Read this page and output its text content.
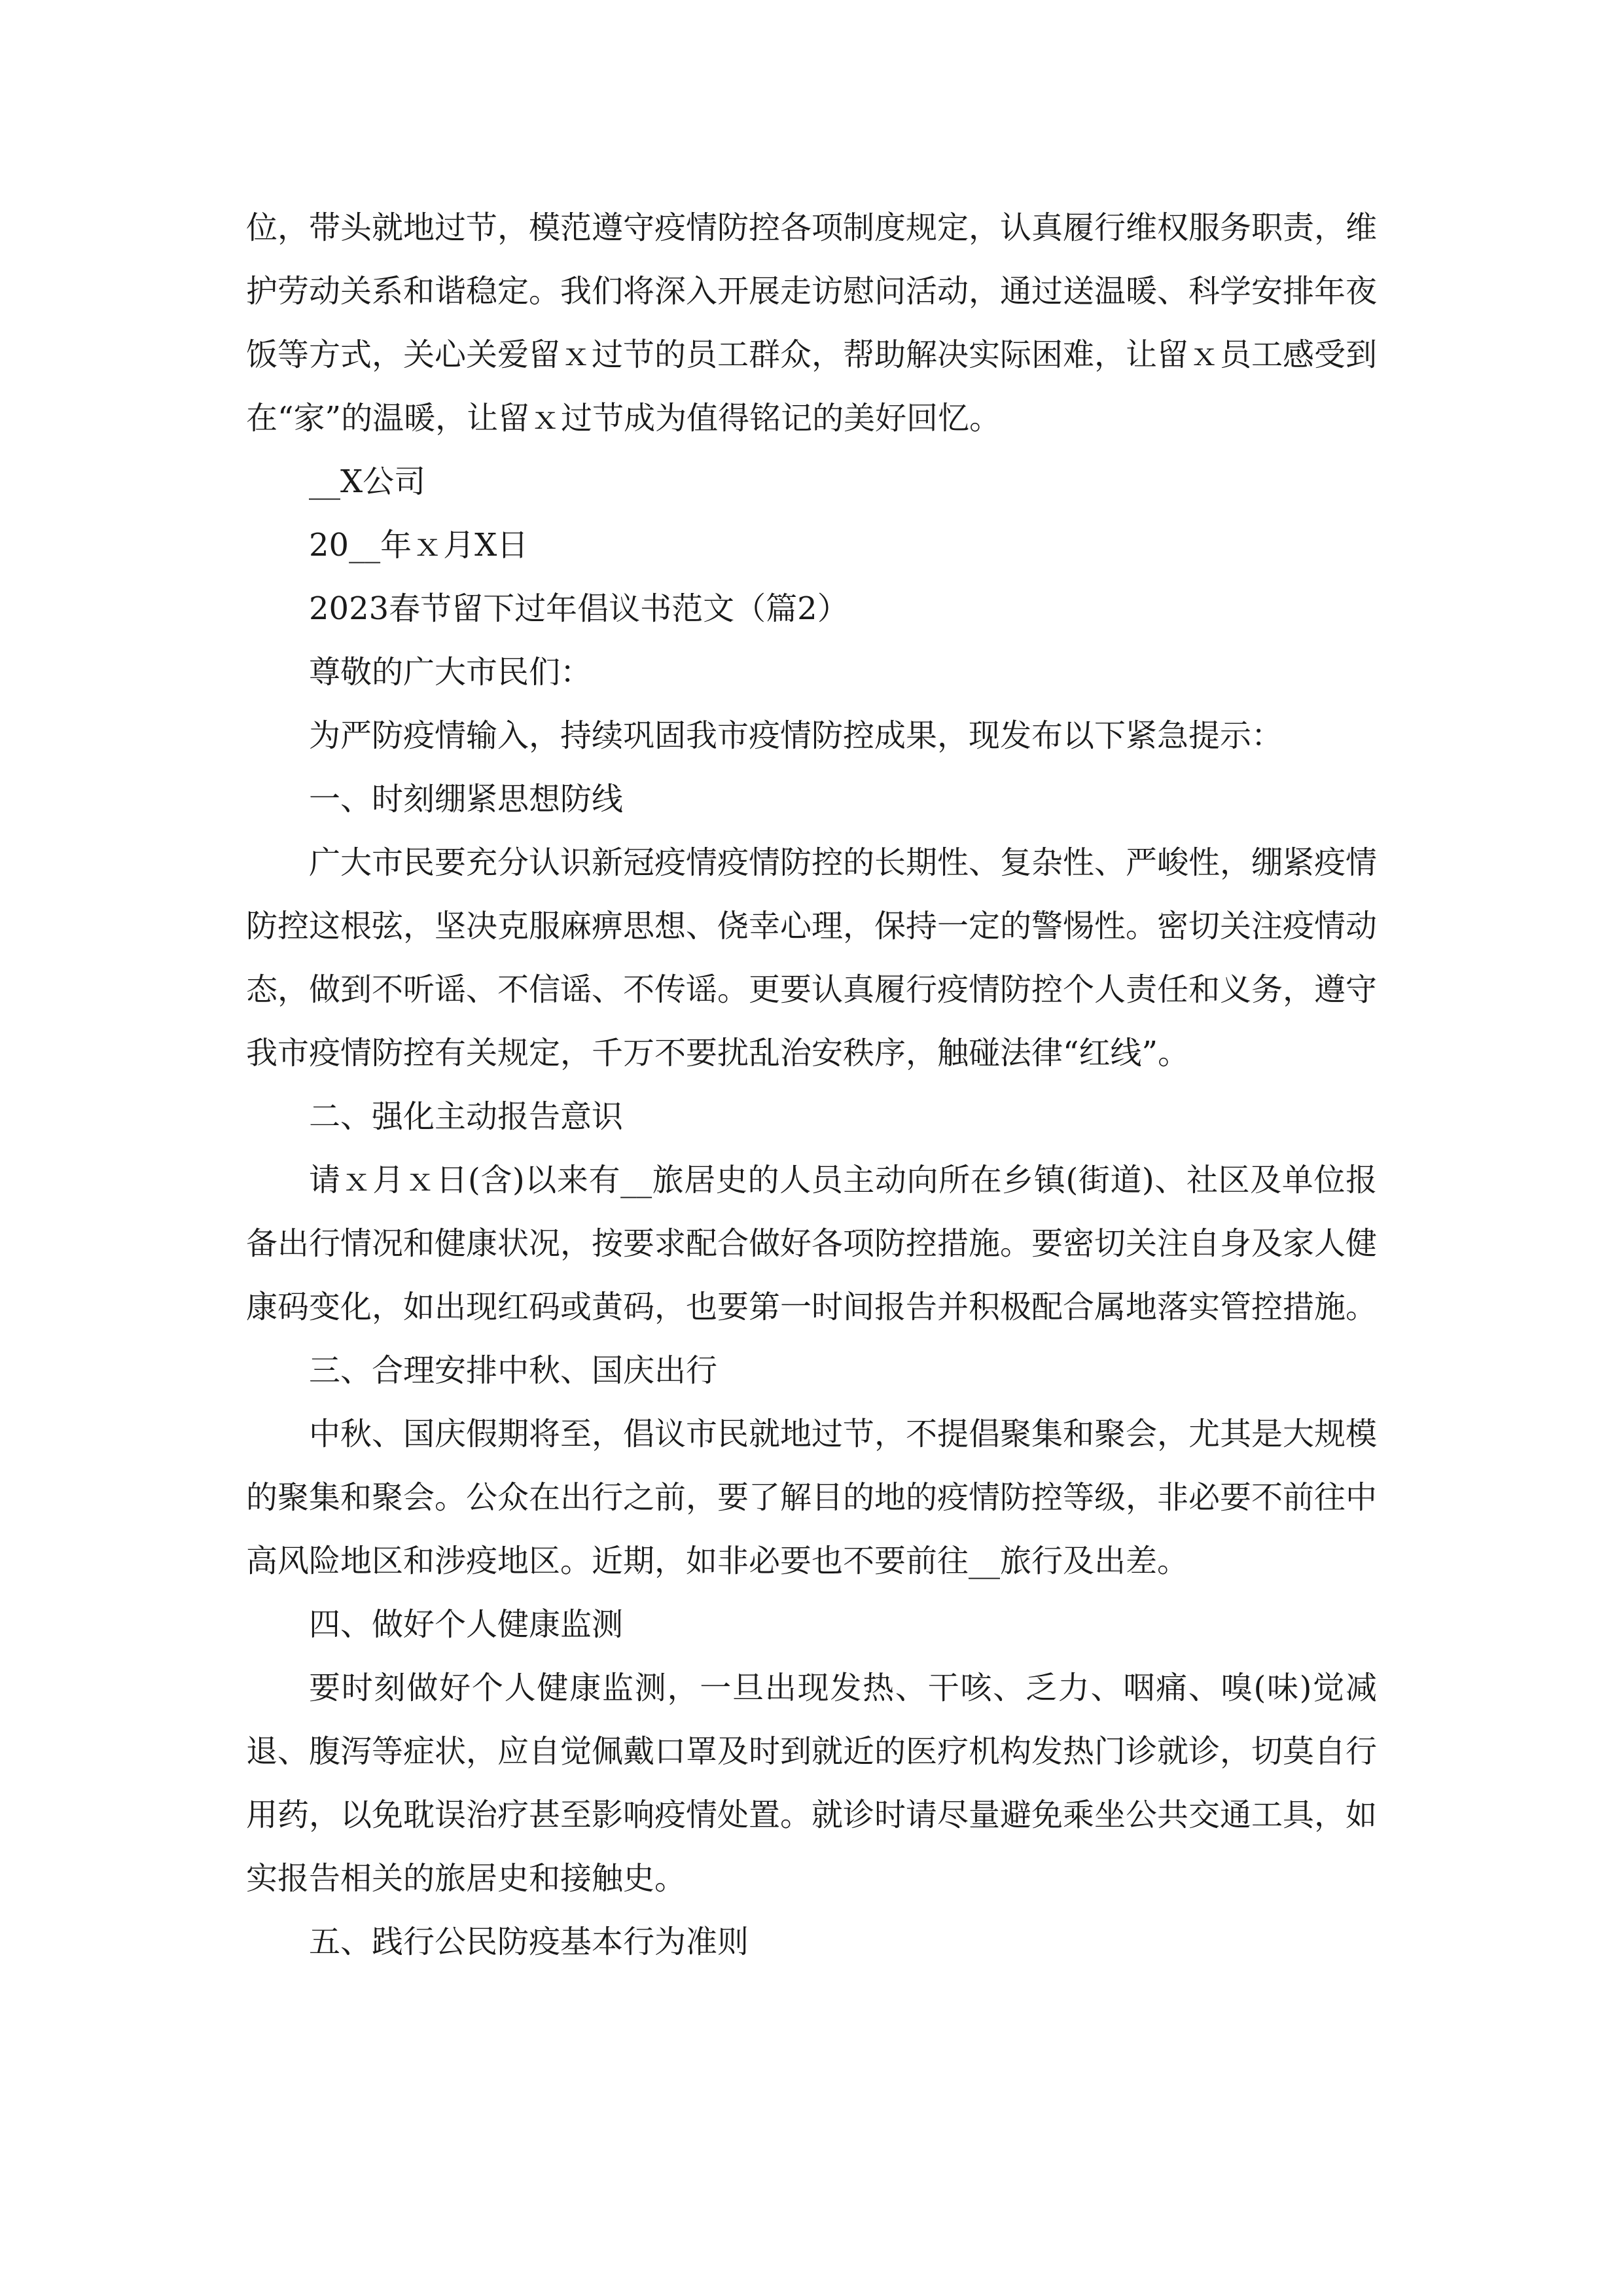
位，带头就地过节，模范遵守疫情防控各项制度规定，认真履行维权服务职责，维护劳动关系和谐稳定。我们将深入开展走访慰问活动，通过送温暖、科学安排年夜饭等方式，关心关爱留ｘ过节的员工群众，帮助解决实际困难，让留ｘ员工感受到在“家”的温暖，让留ｘ过节成为值得铭记的美好回忆。

__X公司

20__年ｘ月X日

2023春节留下过年倡议书范文（篇2）

尊敬的广大市民们：

为严防疫情输入，持续巩固我市疫情防控成果，现发布以下紧急提示：

一、时刻绷紧思想防线

广大市民要充分认识新冠疫情疫情防控的长期性、复杂性、严峻性，绷紧疫情防控这根弦，坚决克服麻痹思想、侥幸心理，保持一定的警惕性。密切关注疫情动态，做到不听谣、不信谣、不传谣。更要认真履行疫情防控个人责任和义务，遵守我市疫情防控有关规定，千万不要扰乱治安秩序，触碰法律“红线”。

二、强化主动报告意识

请ｘ月ｘ日(含)以来有__旅居史的人员主动向所在乡镇(街道)、社区及单位报备出行情况和健康状况，按要求配合做好各项防控措施。要密切关注自身及家人健康码变化，如出现红码或黄码，也要第一时间报告并积极配合属地落实管控措施。

三、合理安排中秋、国庆出行

中秋、国庆假期将至，倡议市民就地过节，不提倡聚集和聚会，尤其是大规模的聚集和聚会。公众在出行之前，要了解目的地的疫情防控等级，非必要不前往中高风险地区和涉疫地区。近期，如非必要也不要前往__旅行及出差。

四、做好个人健康监测

要时刻做好个人健康监测，一旦出现发热、干咳、乏力、咽痛、嗅(味)觉减退、腹泻等症状，应自觉佩戴口罩及时到就近的医疗机构发热门诊就诊，切莫自行用药，以免耽误治疗甚至影响疫情处置。就诊时请尽量避免乘坐公共交通工具，如实报告相关的旅居史和接触史。

五、践行公民防疫基本行为准则
